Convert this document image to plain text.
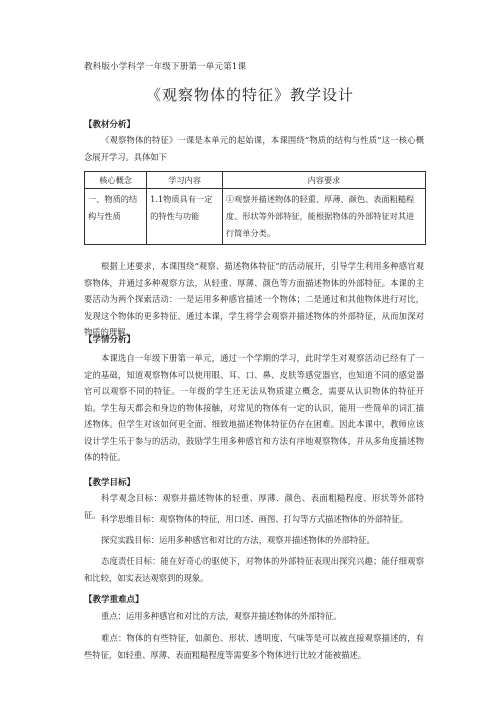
教科版小学科学一年级下册第一单元第1课
《观察物体的特征》教学设计
【教材分析】
《观察物体的特征》一课是本单元的起始课，本课围绕“物质的结构与性质”这一核心概念展开学习。具体如下
核心概念	学习内容	内容要求
一、物质的结构与性质	1.1物质具有一定的特性与功能	①观察并描述物体的轻重、厚薄、颜色、表面粗糙程度、形状等外部特征，能根据物体的外部特征对其进行简单分类。
根据上述要求，本课围绕“观察、描述物体特征”的活动展开，引导学生利用多种感官观察物体，并通过多种观察方法，从轻重、厚薄、颜色等方面描述物体的外部特征。本课的主要活动为两个探索活动：一是运用多种感官描述一个物体；二是通过和其他物体进行对比，发现这个物体的更多特征。通过本课，学生将学会观察并描述物体的外部特征，从而加深对物质的理解。
【学情分析】
本课选自一年级下册第一单元，通过一个学期的学习，此时学生对观察活动已经有了一定的基础，知道观察物体可以使用眼、耳、口、鼻、皮肤等感觉器官，也知道不同的感觉器官可以观察不同的特征。一年级的学生还无法从物质建立概念，需要从认识物体的特征开始。学生每天都会和身边的物体接触，对常见的物体有一定的认识，能用一些简单的词汇描述物体。但学生对该如何更全面、细致地描述物体特征仍存在困难。因此本课中，教师应该设计学生乐于参与的活动，鼓励学生用多种感官和方法有序地观察物体，并从多角度描述物体的特征。
【教学目标】
科学观念目标：观察并描述物体的轻重、厚薄、颜色、表面粗糙程度、形状等外部特征。 科学思维目标：观察物体的特征，用口述、画图、打勾等方式描述物体的外部特征。
探究实践目标：运用多种感官和对比的方法，观察并描述物体的外部特征。
态度责任目标：能在好奇心的驱使下，对物体的外部特征表现出探究兴趣；能仔细观察和比较，如实表达观察到的现象。
【教学重难点】
重点：运用多种感官和对比的方法，观察并描述物体的外部特征。
难点：物体的有些特征，如颜色、形状、透明度、气味等是可以被直接观察描述的，有些特征，如轻重、厚薄、表面粗糙程度等需要多个物体进行比较才能被描述。
